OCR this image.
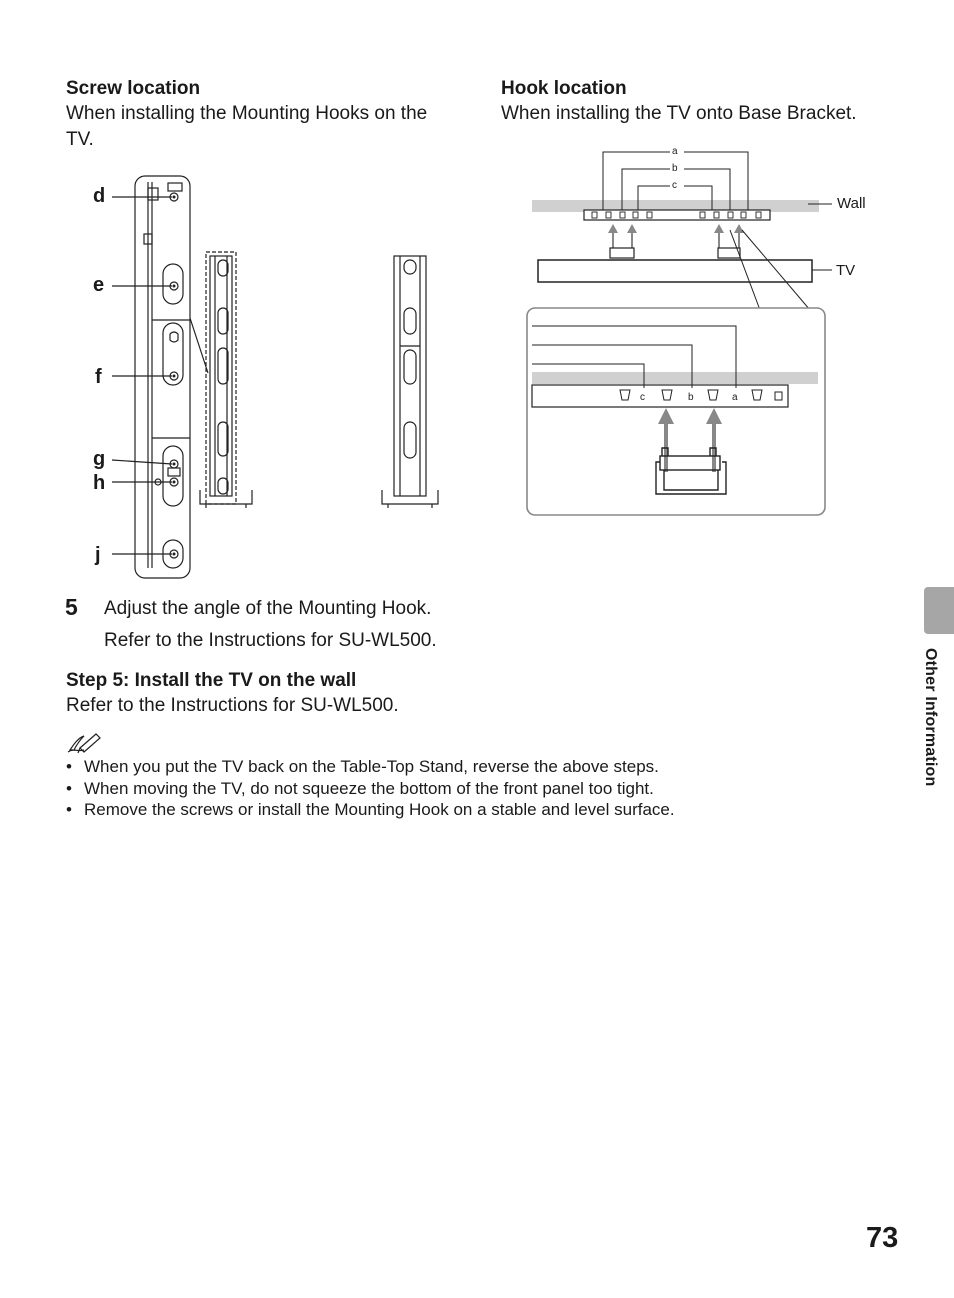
Screw location
When installing the Mounting Hooks on the TV.
Hook location
When installing the TV onto Base Bracket.
d
e
f
g
h
j
c	b	a
a
b
c
Wall
TV
5 Adjust the angle of the Mounting Hook.
Refer to the Instructions for SU-WL500.
Step 5: Install the TV on the wall
Refer to the Instructions for SU-WL500.
• When you put the TV back on the Table-Top Stand, reverse the above steps.
• When moving the TV, do not squeeze the bottom of the front panel too tight.
• Remove the screws or install the Mounting Hook on a stable and level surface.
Other Information
73
